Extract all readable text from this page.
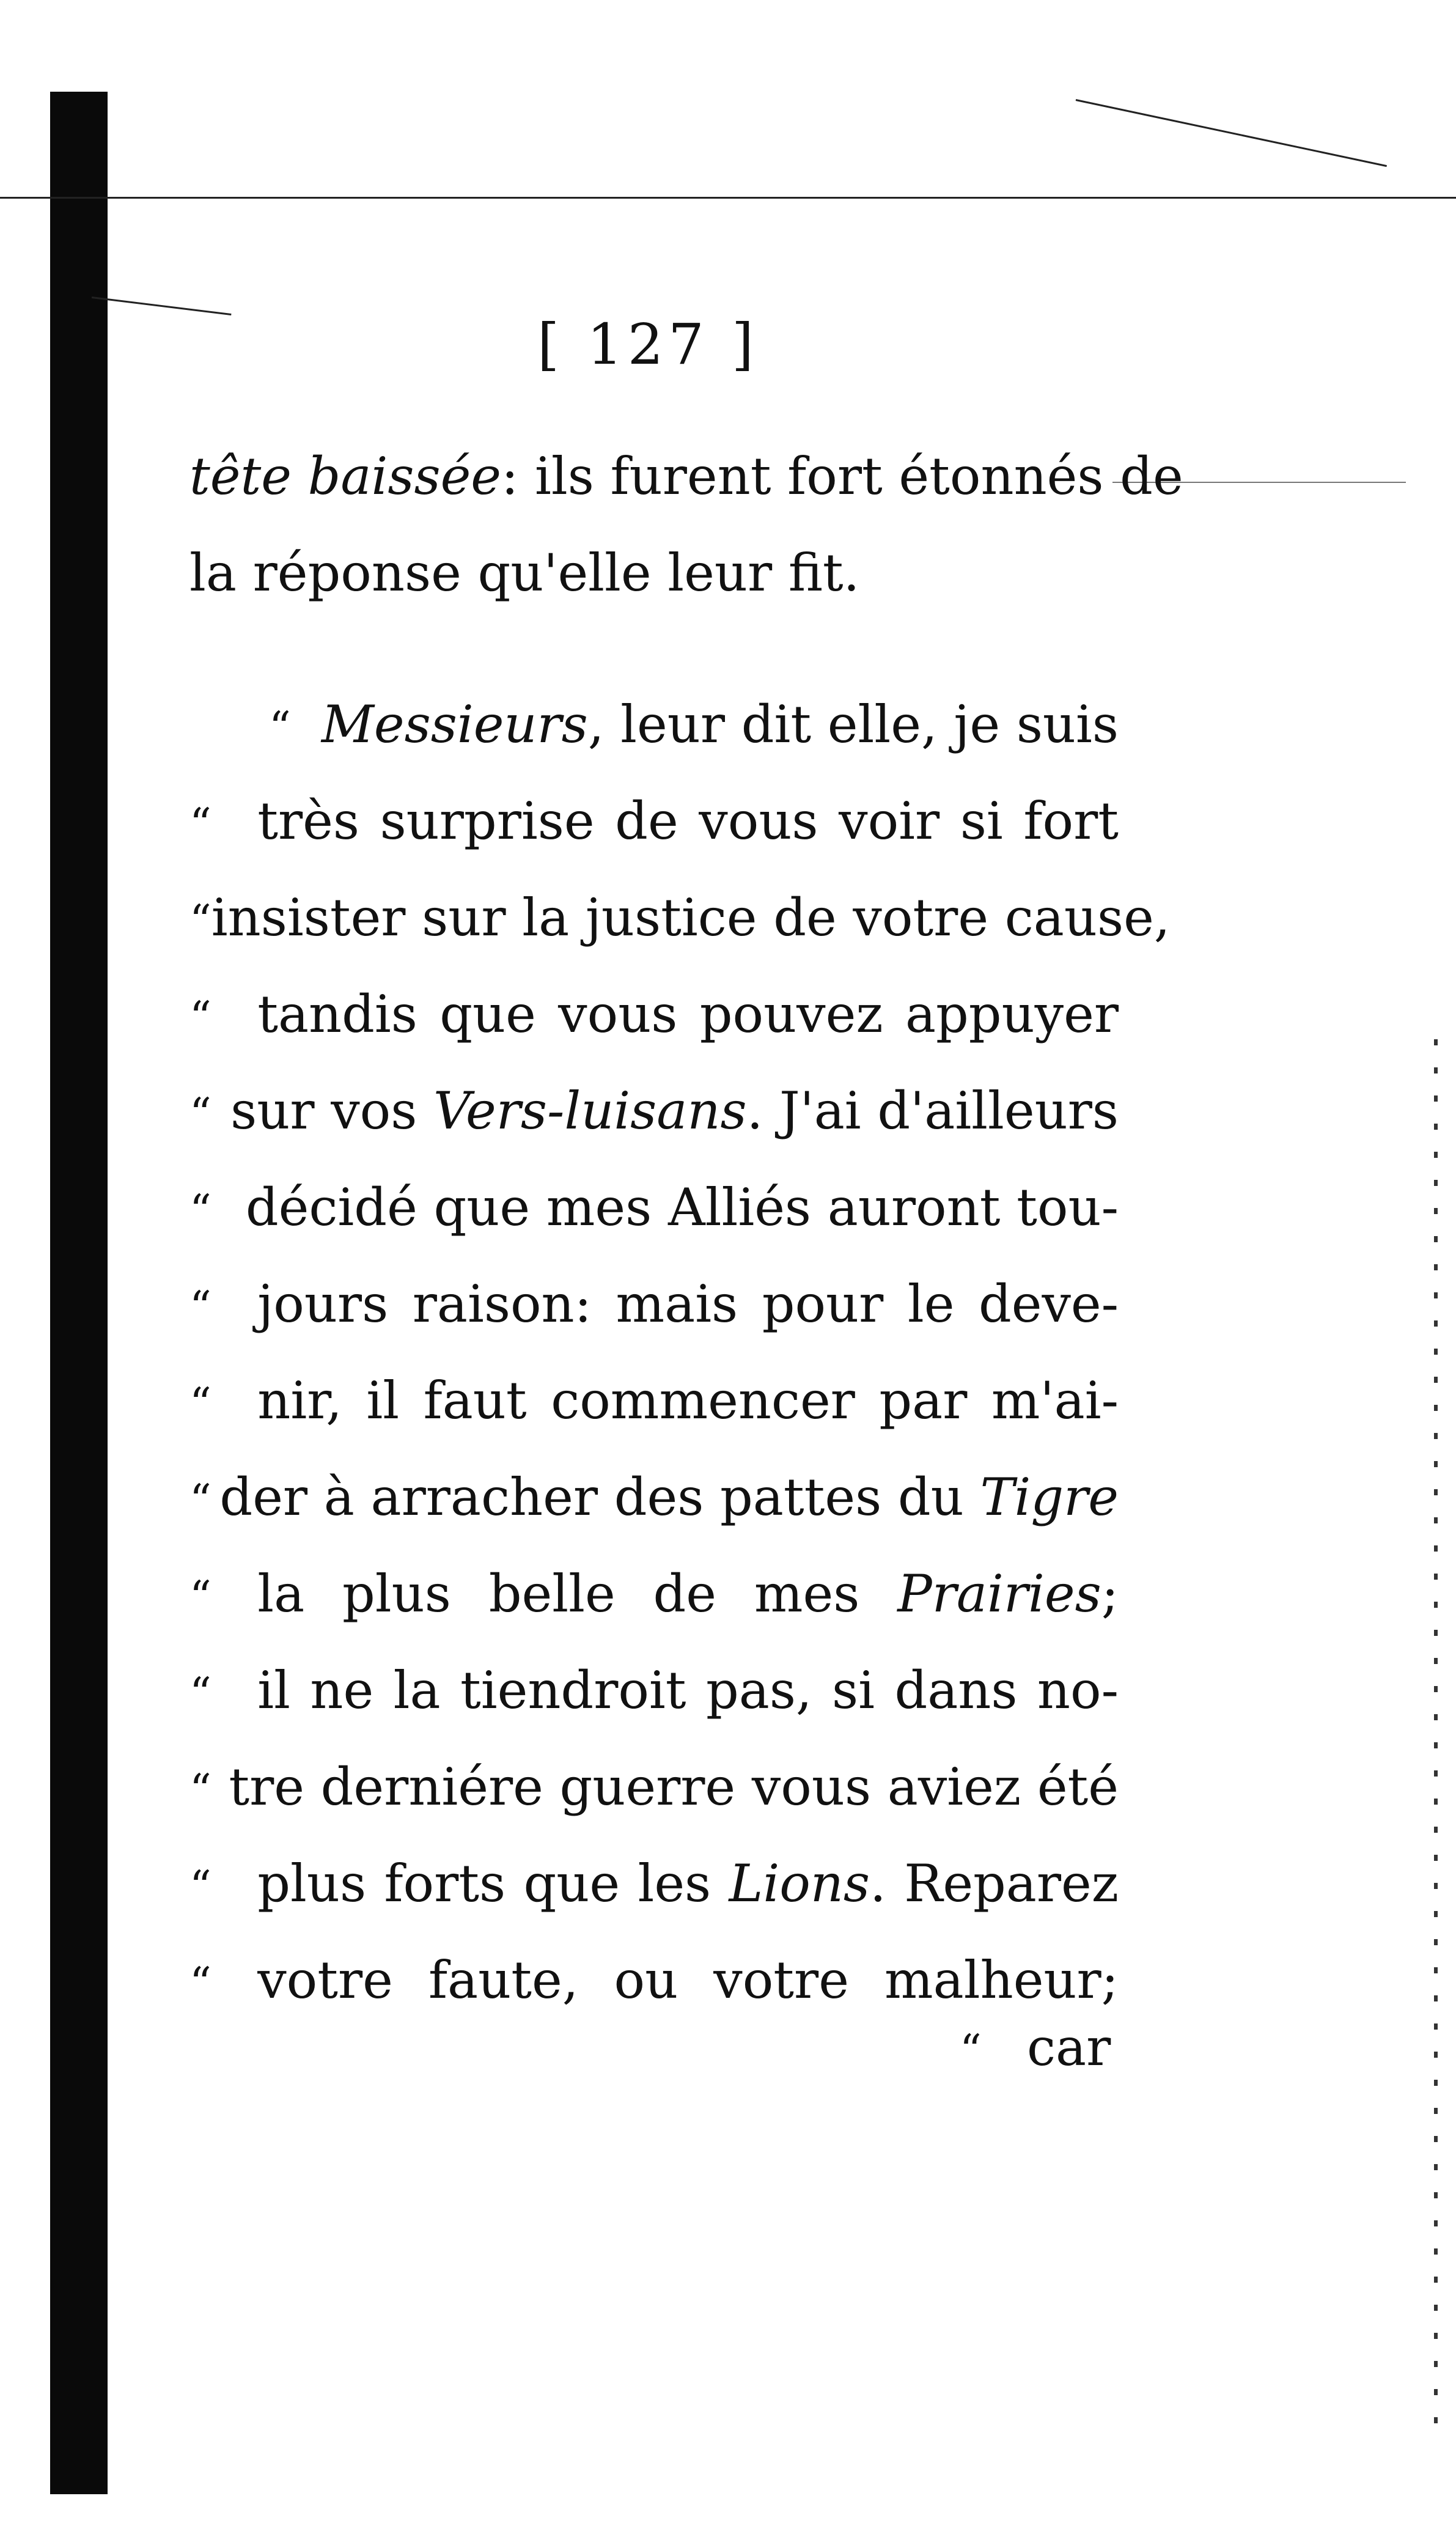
[ 127 ]
tête baissée: ils furent fort étonnés de
la réponse qu'elle leur fit.
“ Messieurs, leur dit elle, je suis
“ très surprise de vous voir si fort
“ insister sur la justice de votre cause,
“ tandis que vous pouvez appuyer
“ sur vos Vers-luisans. J'ai d'ailleurs
“ décidé que mes Alliés auront tou-
“ jours raison: mais pour le deve-
“ nir, il faut commencer par m'ai-
“ der à arracher des pattes du Tigre
“ la plus belle de mes Prairies;
“ il ne la tiendroit pas, si dans no-
“ tre derniére guerre vous aviez été
“ plus forts que les Lions. Reparez
“ votre faute, ou votre malheur;
“ car
